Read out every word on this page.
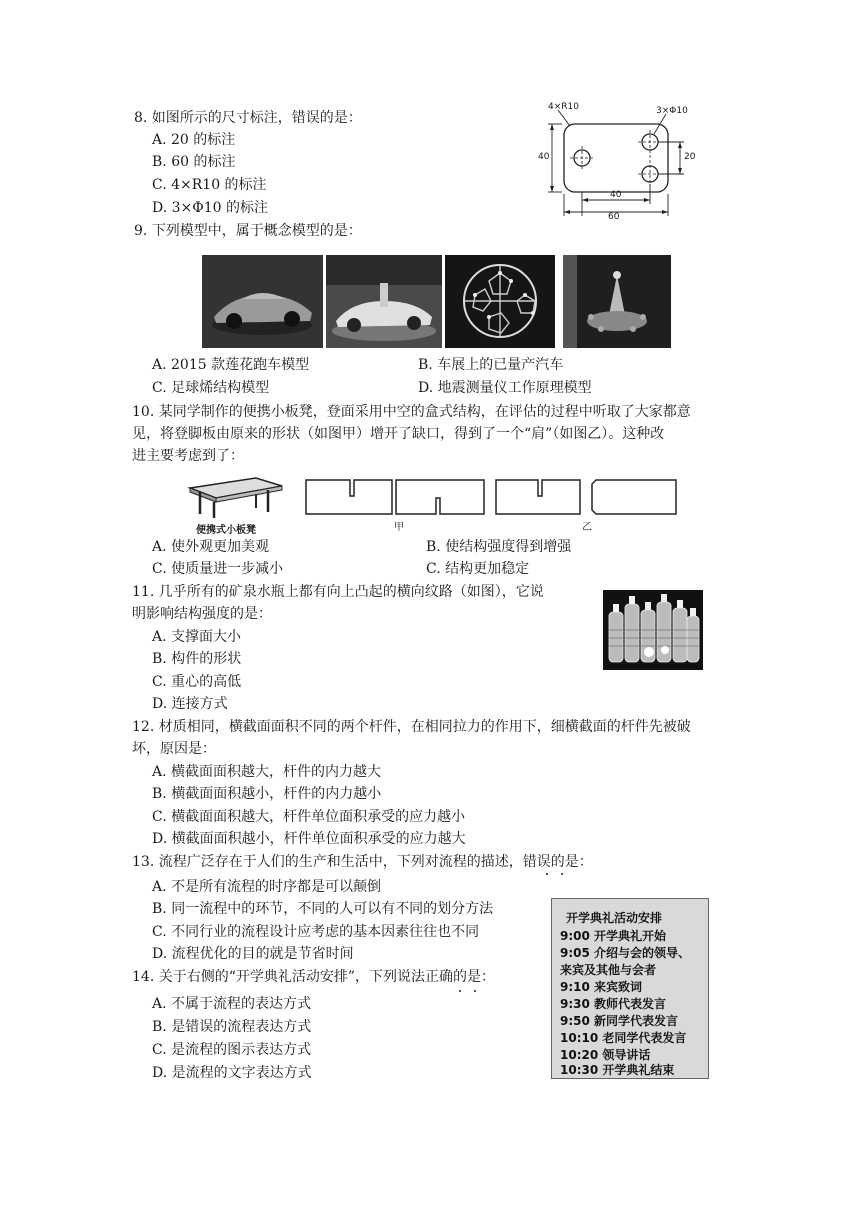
8. 如图所示的尺寸标注，错误的是：
A. 20 的标注
B. 60 的标注
C. 4×R10 的标注
D. 3×Φ10 的标注
4×R10	3×Φ10
40	20
40
60
9. 下列模型中，属于概念模型的是：
A. 2015 款莲花跑车模型	B. 车展上的已量产汽车
C. 足球烯结构模型	D. 地震测量仪工作原理模型
10. 某同学制作的便携小板凳，登面采用中空的盒式结构，在评估的过程中听取了大家都意
见，将登脚板由原来的形状（如图甲）增开了缺口，得到了一个“肩”（如图乙）。这种改
进主要考虑到了：
便携式小板凳	甲	乙
A. 使外观更加美观	B. 使结构强度得到增强
C. 使质量进一步减小	C. 结构更加稳定
11. 几乎所有的矿泉水瓶上都有向上凸起的横向纹路（如图），它说
明影响结构强度的是：
A. 支撑面大小
B. 构件的形状
C. 重心的高低
D. 连接方式
12. 材质相同，横截面面积不同的两个杆件，在相同拉力的作用下，细横截面的杆件先被破
坏，原因是：
A. 横截面面积越大，杆件的内力越大
B. 横截面面积越小，杆件的内力越小
C. 横截面面积越大，杆件单位面积承受的应力越小
D. 横截面面积越小，杆件单位面积承受的应力越大
13. 流程广泛存在于人们的生产和生活中，下列对流程的描述，错误的是：
A. 不是所有流程的时序都是可以颠倒
B. 同一流程中的环节，不同的人可以有不同的划分方法
C. 不同行业的流程设计应考虑的基本因素往往也不同
D. 流程优化的目的就是节省时间
14. 关于右侧的“开学典礼活动安排”，下列说法正确的是：
A. 不属于流程的表达方式
B. 是错误的流程表达方式
C. 是流程的图示表达方式
D. 是流程的文字表达方式
开学典礼活动安排
9:00 开学典礼开始
9:05 介绍与会的领导、
来宾及其他与会者
9:10 来宾致词
9:30 教师代表发言
9:50 新同学代表发言
10:10 老同学代表发言
10:20 领导讲话
10:30 开学典礼结束
